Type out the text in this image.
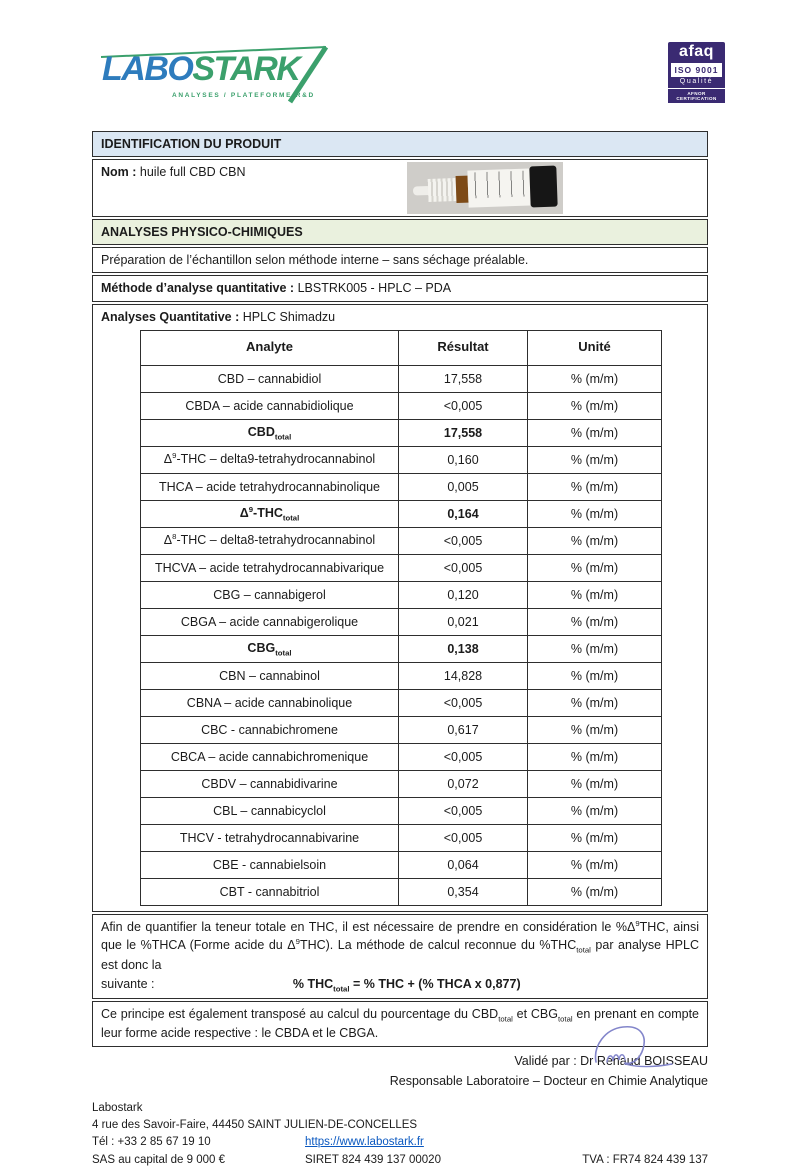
LABOSTARK
ANALYSES / PLATEFORME R&D
afaq
ISO 9001
Qualité
AFNOR CERTIFICATION
IDENTIFICATION DU PRODUIT
Nom : huile full CBD CBN
ANALYSES PHYSICO-CHIMIQUES
Préparation de l’échantillon selon méthode interne – sans séchage préalable.
Méthode d’analyse quantitative : LBSTRK005 - HPLC – PDA
Analyses Quantitative : HPLC Shimadzu
Analyte	Résultat	Unité
CBD – cannabidiol	17,558	% (m/m)
CBDA – acide cannabidiolique	<0,005	% (m/m)
$CBD_{total}$	17,558	% (m/m)
$\Delta^9$-THC – delta9-tetrahydrocannabinol	0,160	% (m/m)
THCA – acide tetrahydrocannabinolique	0,005	% (m/m)
$\Delta^9-THC_{total}$	0,164	% (m/m)
$\Delta^8$-THC – delta8-tetrahydrocannabinol	<0,005	% (m/m)
THCVA – acide tetrahydrocannabivarique	<0,005	% (m/m)
CBG – cannabigerol	0,120	% (m/m)
CBGA – acide cannabigerolique	0,021	% (m/m)
$CBG_{total}$	0,138	% (m/m)
CBN – cannabinol	14,828	% (m/m)
CBNA – acide cannabinolique	<0,005	% (m/m)
CBC - cannabichromene	0,617	% (m/m)
CBCA – acide cannabichromenique	<0,005	% (m/m)
CBDV – cannabidivarine	0,072	% (m/m)
CBL – cannabicyclol	<0,005	% (m/m)
THCV - tetrahydrocannabivarine	<0,005	% (m/m)
CBE - cannabielsoin	0,064	% (m/m)
CBT - cannabitriol	0,354	% (m/m)

Afin de quantifier la teneur totale en THC, il est nécessaire de prendre en considération le $\%\Delta^9THC$, ainsi que le %THCA (Forme acide du $\Delta^9THC$). La méthode de calcul reconnue du $\%THC_{total}$ par analyse HPLC est donc la

suivante :	% $THC_{total}$ = % THC + (% THCA x 0,877)
Ce principe est également transposé au calcul du pourcentage du $CBD_{total}$ et $CBG_{total}$ en prenant en compte leur forme acide respective : le CBDA et le CBGA.
Validé par : Dr Renaud BOISSEAU
Responsable Laboratoire – Docteur en Chimie Analytique
Labostark
4 rue des Savoir-Faire, 44450 SAINT JULIEN-DE-CONCELLES
Tél : +33 2 85 67 19 10	https://www.labostark.fr
SAS au capital de 9 000 €	SIRET 824 439 137 00020	TVA : FR74 824 439 137
